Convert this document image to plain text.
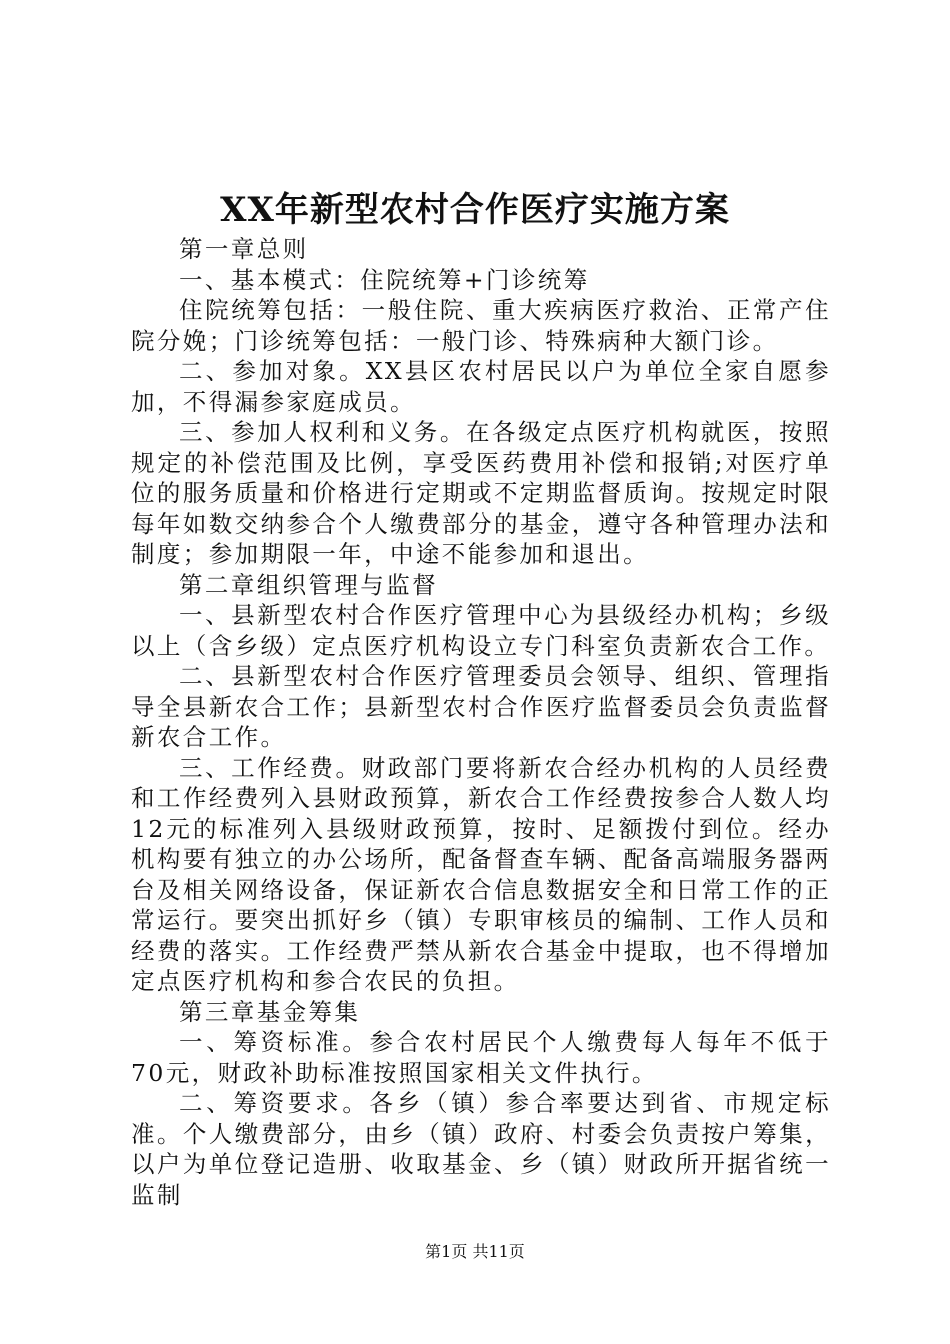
XX年新型农村合作医疗实施方案

第一章总则

一、基本模式：住院统筹+门诊统筹

住院统筹包括：一般住院、重大疾病医疗救治、正常产住院分娩；门诊统筹包括：一般门诊、特殊病种大额门诊。

二、参加对象。XX县区农村居民以户为单位全家自愿参加，不得漏参家庭成员。

三、参加人权利和义务。在各级定点医疗机构就医，按照规定的补偿范围及比例，享受医药费用补偿和报销;对医疗单位的服务质量和价格进行定期或不定期监督质询。按规定时限每年如数交纳参合个人缴费部分的基金，遵守各种管理办法和制度；参加期限一年，中途不能参加和退出。

第二章组织管理与监督

一、县新型农村合作医疗管理中心为县级经办机构；乡级以上（含乡级）定点医疗机构设立专门科室负责新农合工作。

二、县新型农村合作医疗管理委员会领导、组织、管理指导全县新农合工作；县新型农村合作医疗监督委员会负责监督新农合工作。

三、工作经费。财政部门要将新农合经办机构的人员经费和工作经费列入县财政预算，新农合工作经费按参合人数人均12元的标准列入县级财政预算，按时、足额拨付到位。经办机构要有独立的办公场所，配备督查车辆、配备高端服务器两台及相关网络设备，保证新农合信息数据安全和日常工作的正常运行。要突出抓好乡（镇）专职审核员的编制、工作人员和经费的落实。工作经费严禁从新农合基金中提取，也不得增加定点医疗机构和参合农民的负担。

第三章基金筹集

一、筹资标准。参合农村居民个人缴费每人每年不低于70元，财政补助标准按照国家相关文件执行。

二、筹资要求。各乡（镇）参合率要达到省、市规定标准。个人缴费部分，由乡（镇）政府、村委会负责按户筹集，以户为单位登记造册、收取基金、乡（镇）财政所开据省统一监制

第1页 共11页
